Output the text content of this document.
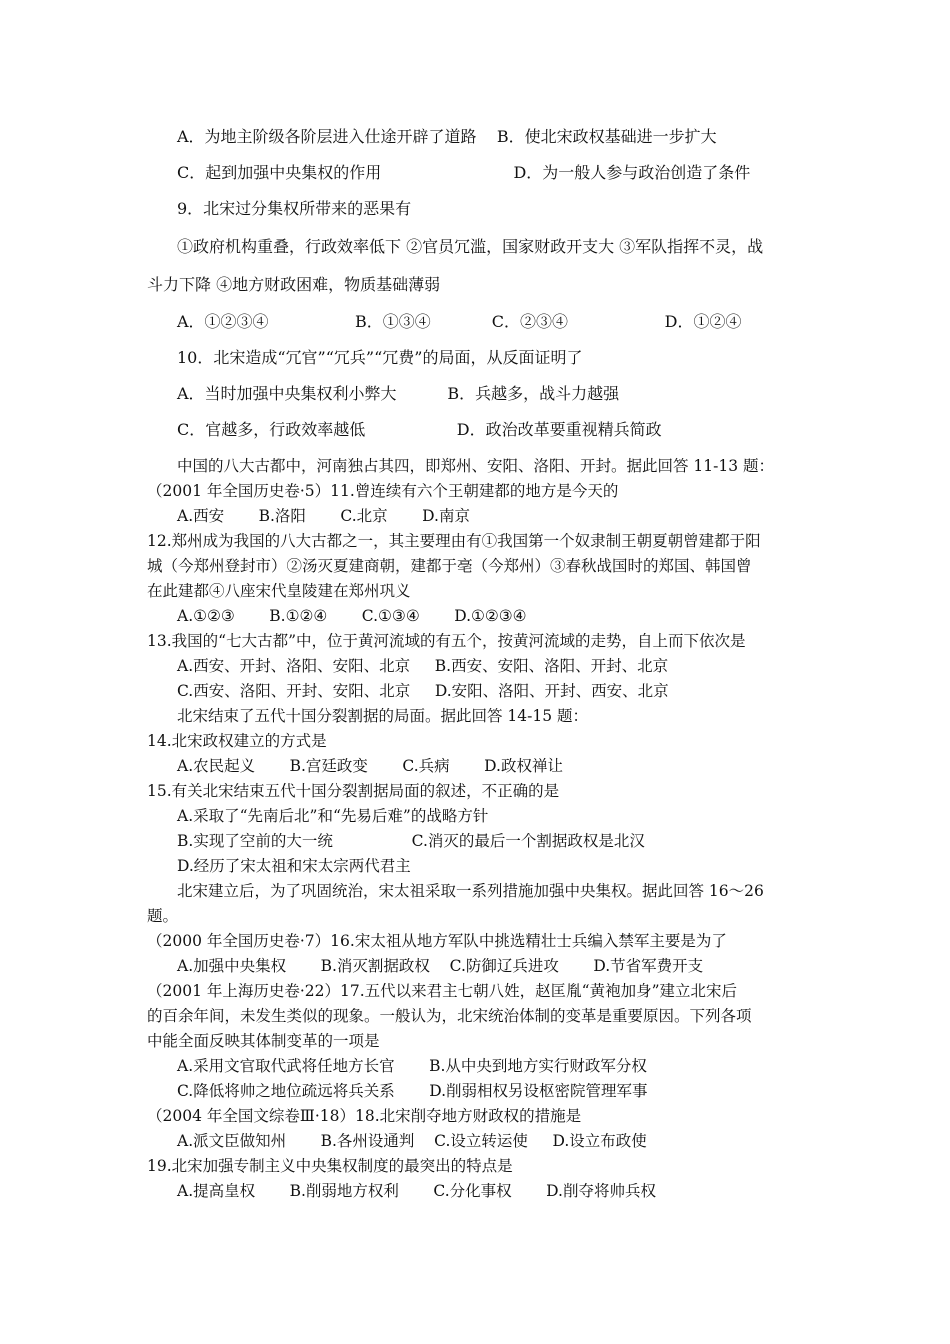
A．为地主阶级各阶层进入仕途开辟了道路    B．使北宋政权基础进一步扩大
C．起到加强中央集权的作用                          D．为一般人参与政治创造了条件
9．北宋过分集权所带来的恶果有
①政府机构重叠，行政效率低下 ②官员冗滥，国家财政开支大 ③军队指挥不灵，战
斗力下降 ④地方财政困难，物质基础薄弱
A．①②③④                 B．①③④            C．②③④                   D．①②④
10．北宋造成“冗官”“冗兵”“冗费”的局面，从反面证明了
A．当时加强中央集权利小弊大          B．兵越多，战斗力越强
C．官越多，行政效率越低                  D．政治改革要重视精兵简政
中国的八大古都中，河南独占其四，即郑州、安阳、洛阳、开封。据此回答 11-13 题：
（2001 年全国历史卷·5）11.曾连续有六个王朝建都的地方是今天的
A.西安       B.洛阳       C.北京       D.南京
12.郑州成为我国的八大古都之一，其主要理由有①我国第一个奴隶制王朝夏朝曾建都于阳
城（今郑州登封市）②汤灭夏建商朝，建都于亳（今郑州）③春秋战国时的郑国、韩国曾
在此建都④八座宋代皇陵建在郑州巩义
A.①②③       B.①②④       C.①③④       D.①②③④
13.我国的“七大古都”中，位于黄河流域的有五个，按黄河流域的走势，自上而下依次是
A.西安、开封、洛阳、安阳、北京     B.西安、安阳、洛阳、开封、北京
C.西安、洛阳、开封、安阳、北京     D.安阳、洛阳、开封、西安、北京
北宋结束了五代十国分裂割据的局面。据此回答 14-15 题：
14.北宋政权建立的方式是
A.农民起义       B.宫廷政变       C.兵病       D.政权禅让
15.有关北宋结束五代十国分裂割据局面的叙述，不正确的是
A.采取了“先南后北”和“先易后难”的战略方针
B.实现了空前的大一统                C.消灭的最后一个割据政权是北汉
D.经历了宋太祖和宋太宗两代君主
北宋建立后，为了巩固统治，宋太祖采取一系列措施加强中央集权。据此回答 16～26
题。
（2000 年全国历史卷·7）16.宋太祖从地方军队中挑选精壮士兵编入禁军主要是为了
A.加强中央集权       B.消灭割据政权    C.防御辽兵进攻       D.节省军费开支
（2001 年上海历史卷·22）17.五代以来君主七朝八姓，赵匡胤“黄袍加身”建立北宋后
的百余年间，未发生类似的现象。一般认为，北宋统治体制的变革是重要原因。下列各项
中能全面反映其体制变革的一项是
A.采用文官取代武将任地方长官       B.从中央到地方实行财政军分权
C.降低将帅之地位疏远将兵关系       D.削弱相权另设枢密院管理军事
（2004 年全国文综卷Ⅲ·18）18.北宋削夺地方财政权的措施是
A.派文臣做知州       B.各州设通判    C.设立转运使     D.设立布政使
19.北宋加强专制主义中央集权制度的最突出的特点是
A.提高皇权       B.削弱地方权利       C.分化事权       D.削夺将帅兵权
